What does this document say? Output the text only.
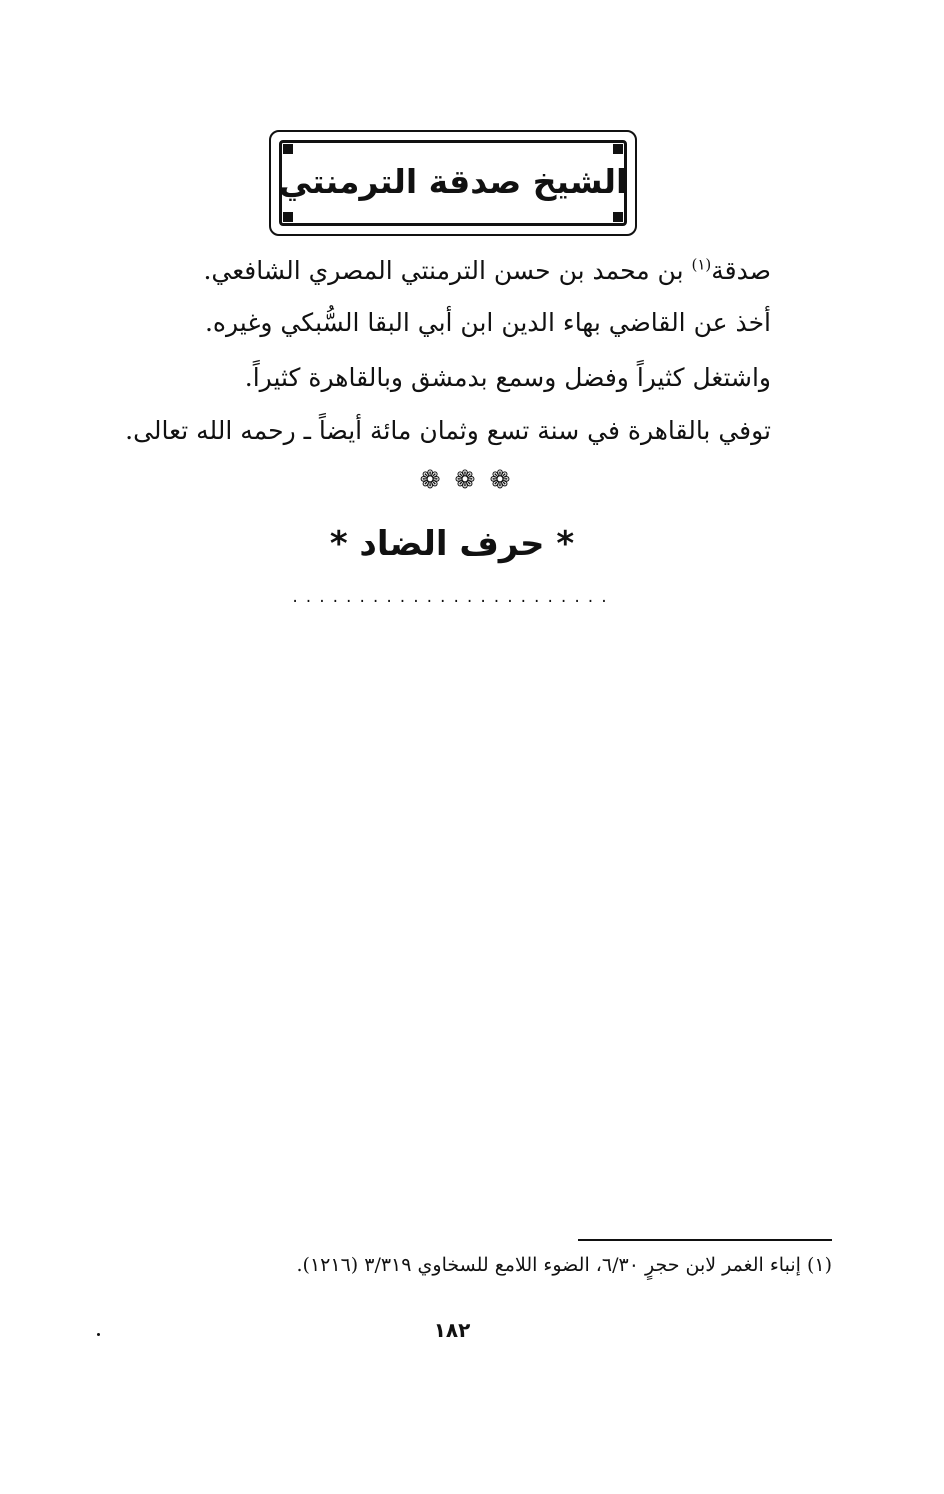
الشيخ صدقة الترمنتي
صدقة$^{(١)}$ بن محمد بن حسن الترمنتي المصري الشافعي.
أخذ عن القاضي بهاء الدين ابن أبي البقا السُّبكي وغيره.
واشتغل كثيراً وفضل وسمع بدمشق وبالقاهرة كثيراً.
توفي بالقاهرة في سنة تسع وثمان مائة أيضاً ـ رحمه الله تعالى.
❁❁❁
* حرف الضاد *
........................
(١) إنباء الغمر لابن حجرٍ ٦/٣٠، الضوء اللامع للسخاوي ٣/٣١٩ (١٢١٦).
١٨٢
